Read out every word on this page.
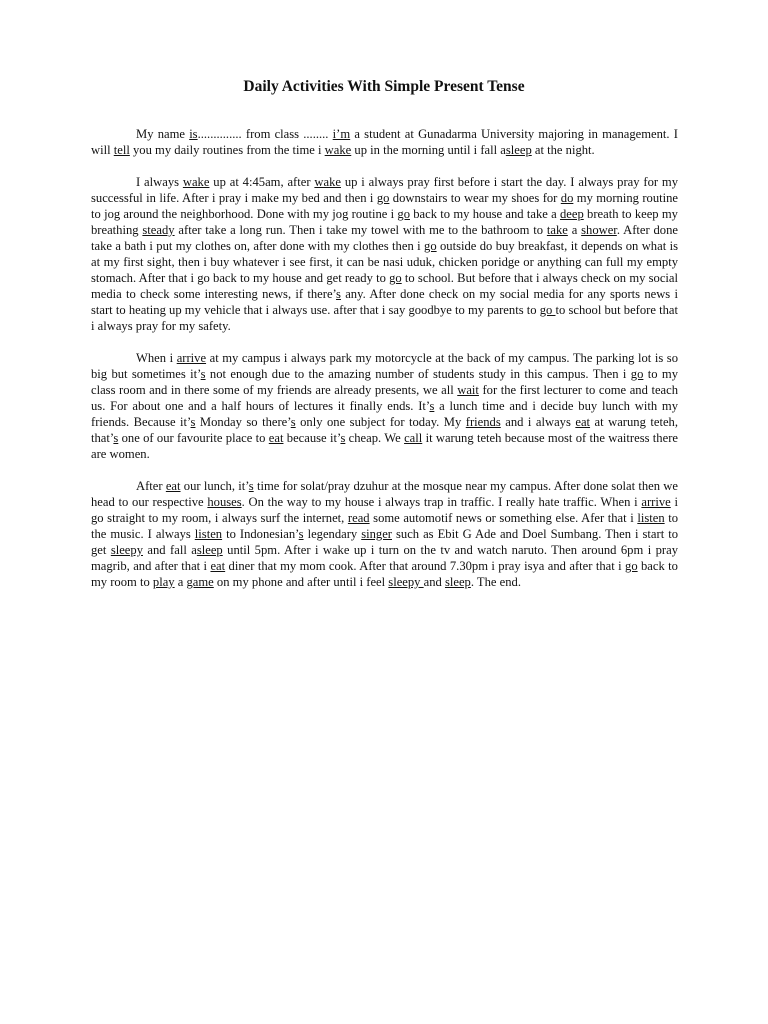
Daily Activities With Simple Present Tense

My name is.............. from class ........ i’m a student at Gunadarma University majoring in management. I will tell you my daily routines from the time i wake up in the morning until i fall asleep at the night.

I always wake up at 4:45am, after wake up i always pray first before i start the day. I always pray for my successful in life. After i pray i make my bed and then i go downstairs to wear my shoes for do my morning routine to jog around the neighborhood. Done with my jog routine i go back to my house and take a deep breath to keep my breathing steady after take a long run. Then i take my towel with me to the bathroom to take a shower. After done take a bath i put my clothes on, after done with my clothes then i go outside do buy breakfast, it depends on what is at my first sight, then i buy whatever i see first, it can be nasi uduk, chicken poridge or anything can full my empty stomach. After that i go back to my house and get ready to go to school. But before that i always check on my social media to check some interesting news, if there’s any. After done check on my social media for any sports news i start to heating up my vehicle that i always use. after that i say goodbye to my parents to go to school but before that i always pray for my safety.

When i arrive at my campus i always park my motorcycle at the back of my campus. The parking lot is so big but sometimes it’s not enough due to the amazing number of students study in this campus. Then i go to my class room and in there some of my friends are already presents, we all wait for the first lecturer to come and teach us. For about one and a half hours of lectures it finally ends. It’s a lunch time and i decide buy lunch with my friends. Because it’s Monday so there’s only one subject for today. My friends and i always eat at warung teteh, that’s one of our favourite place to eat because it’s cheap. We call it warung teteh because most of the waitress there are women.

After eat our lunch, it’s time for solat/pray dzuhur at the mosque near my campus. After done solat then we head to our respective houses. On the way to my house i always trap in traffic. I really hate traffic. When i arrive i go straight to my room, i always surf the internet, read some automotif news or something else. Afer that i listen to the music. I always listen to Indonesian’s legendary singer such as Ebit G Ade and Doel Sumbang. Then i start to get sleepy and fall asleep until 5pm. After i wake up i turn on the tv and watch naruto. Then around 6pm i pray magrib, and after that i eat diner that my mom cook. After that around 7.30pm i pray isya and after that i go back to my room to play a game on my phone and after until i feel sleepy and sleep. The end.
